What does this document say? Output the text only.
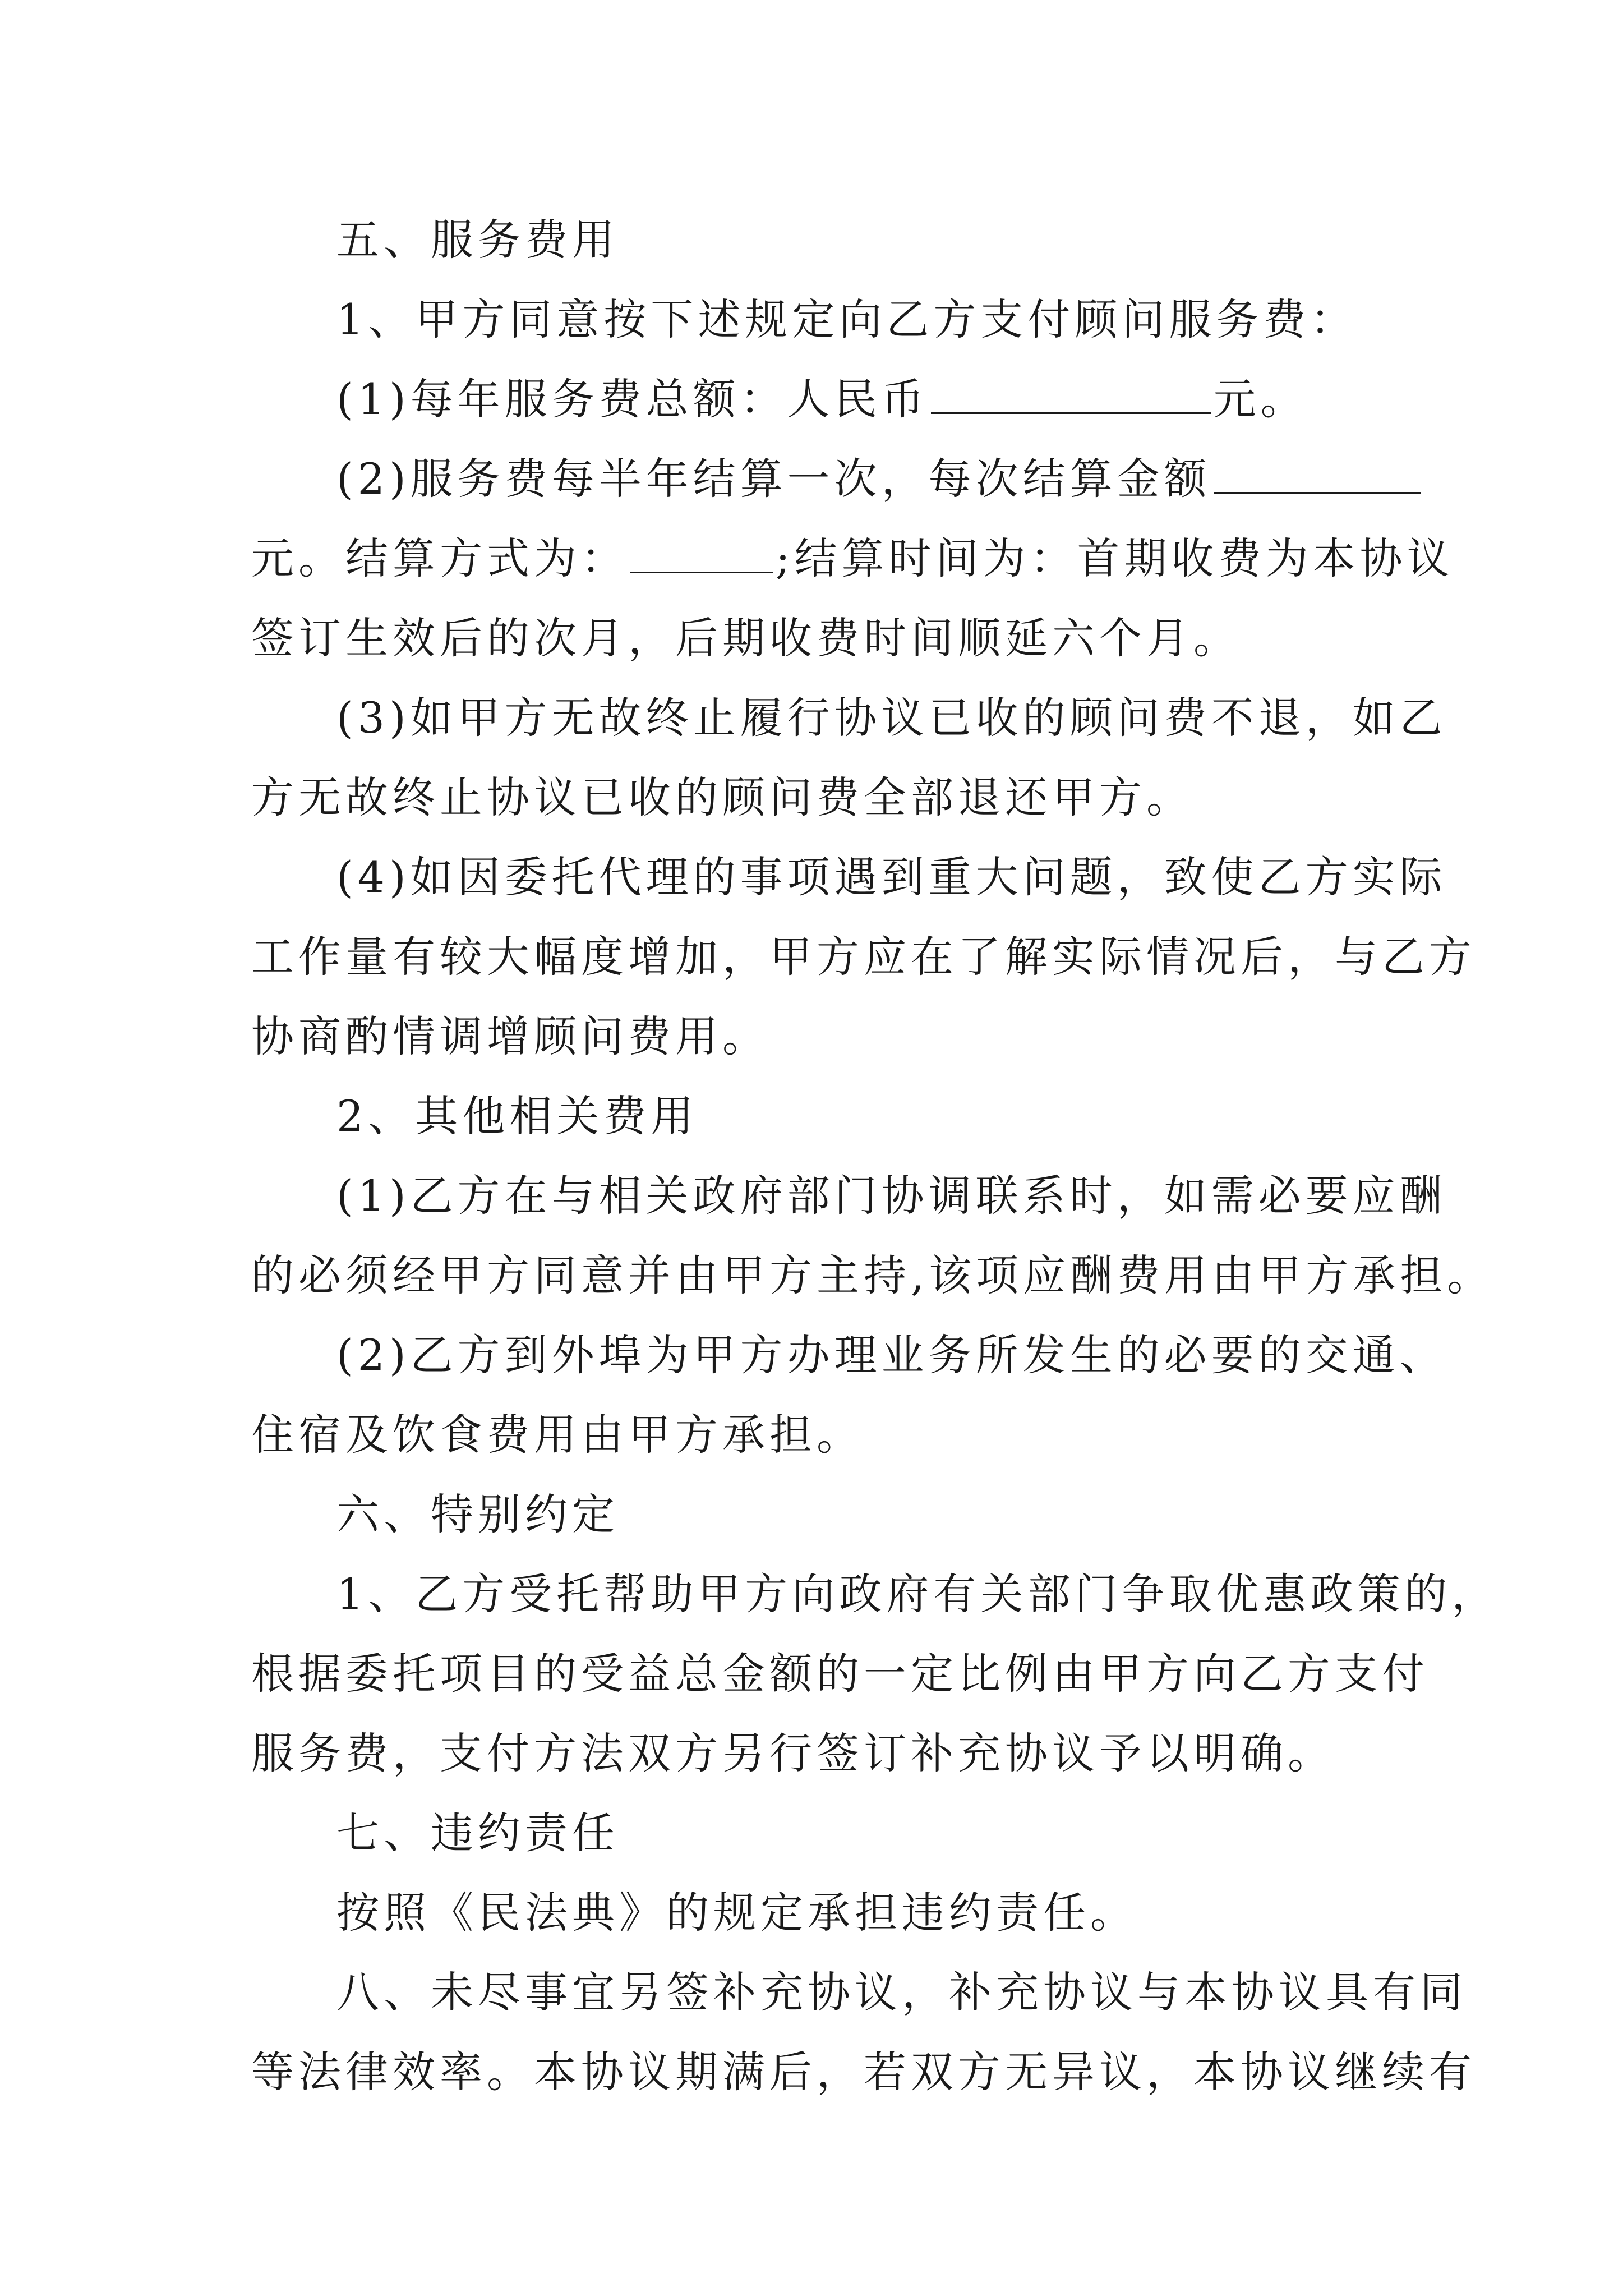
五、服务费用
1、甲方同意按下述规定向乙方支付顾问服务费：
(1)每年服务费总额：人民币	元。
(2)服务费每半年结算一次，每次结算金额
元。结算方式为：	;结算时间为：首期收费为本协议
签订生效后的次月，后期收费时间顺延六个月。
(3)如甲方无故终止履行协议已收的顾问费不退，如乙
方无故终止协议已收的顾问费全部退还甲方。
(4)如因委托代理的事项遇到重大问题，致使乙方实际
工作量有较大幅度增加，甲方应在了解实际情况后，与乙方
协商酌情调增顾问费用。
2、其他相关费用
(1)乙方在与相关政府部门协调联系时，如需必要应酬
的必须经甲方同意并由甲方主持,该项应酬费用由甲方承担。
(2)乙方到外埠为甲方办理业务所发生的必要的交通、
住宿及饮食费用由甲方承担。
六、特别约定
1、乙方受托帮助甲方向政府有关部门争取优惠政策的，
根据委托项目的受益总金额的一定比例由甲方向乙方支付
服务费，支付方法双方另行签订补充协议予以明确。
七、违约责任
按照《民法典》的规定承担违约责任。
八、未尽事宜另签补充协议，补充协议与本协议具有同
等法律效率。本协议期满后，若双方无异议，本协议继续有
